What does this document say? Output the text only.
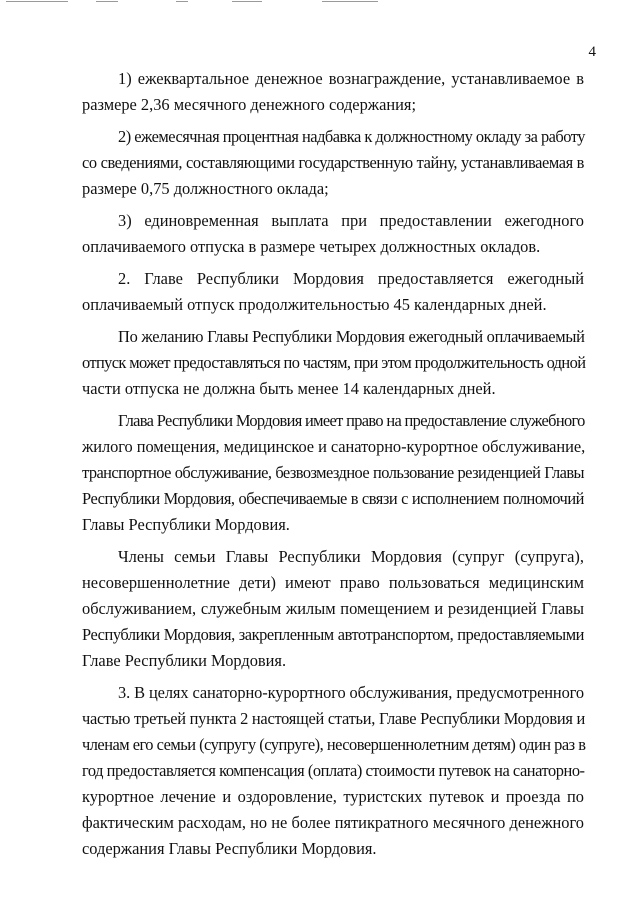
4
1) ежеквартальное денежное вознаграждение, устанавливаемое в
размере 2,36 месячного денежного содержания;
2) ежемесячная процентная надбавка к должностному окладу за работу
со сведениями, составляющими государственную тайну, устанавливаемая в
размере 0,75 должностного оклада;
3) единовременная выплата при предоставлении ежегодного
оплачиваемого отпуска в размере четырех должностных окладов.
2. Главе Республики Мордовия предоставляется ежегодный
оплачиваемый отпуск продолжительностью 45 календарных дней.
По желанию Главы Республики Мордовия ежегодный оплачиваемый
отпуск может предоставляться по частям, при этом продолжительность одной
части отпуска не должна быть менее 14 календарных дней.
Глава Республики Мордовия имеет право на предоставление служебного
жилого помещения, медицинское и санаторно-курортное обслуживание,
транспортное обслуживание, безвозмездное пользование резиденцией Главы
Республики Мордовия, обеспечиваемые в связи с исполнением полномочий
Главы Республики Мордовия.
Члены семьи Главы Республики Мордовия (супруг (супруга),
несовершеннолетние дети) имеют право пользоваться медицинским
обслуживанием, служебным жилым помещением и резиденцией Главы
Республики Мордовия, закрепленным автотранспортом, предоставляемыми
Главе Республики Мордовия.
3. В целях санаторно-курортного обслуживания, предусмотренного
частью третьей пункта 2 настоящей статьи, Главе Республики Мордовия и
членам его семьи (супругу (супруге), несовершеннолетним детям) один раз в
год предоставляется компенсация (оплата) стоимости путевок на санаторно-
курортное лечение и оздоровление, туристских путевок и проезда по
фактическим расходам, но не более пятикратного месячного денежного
содержания Главы Республики Мордовия.
